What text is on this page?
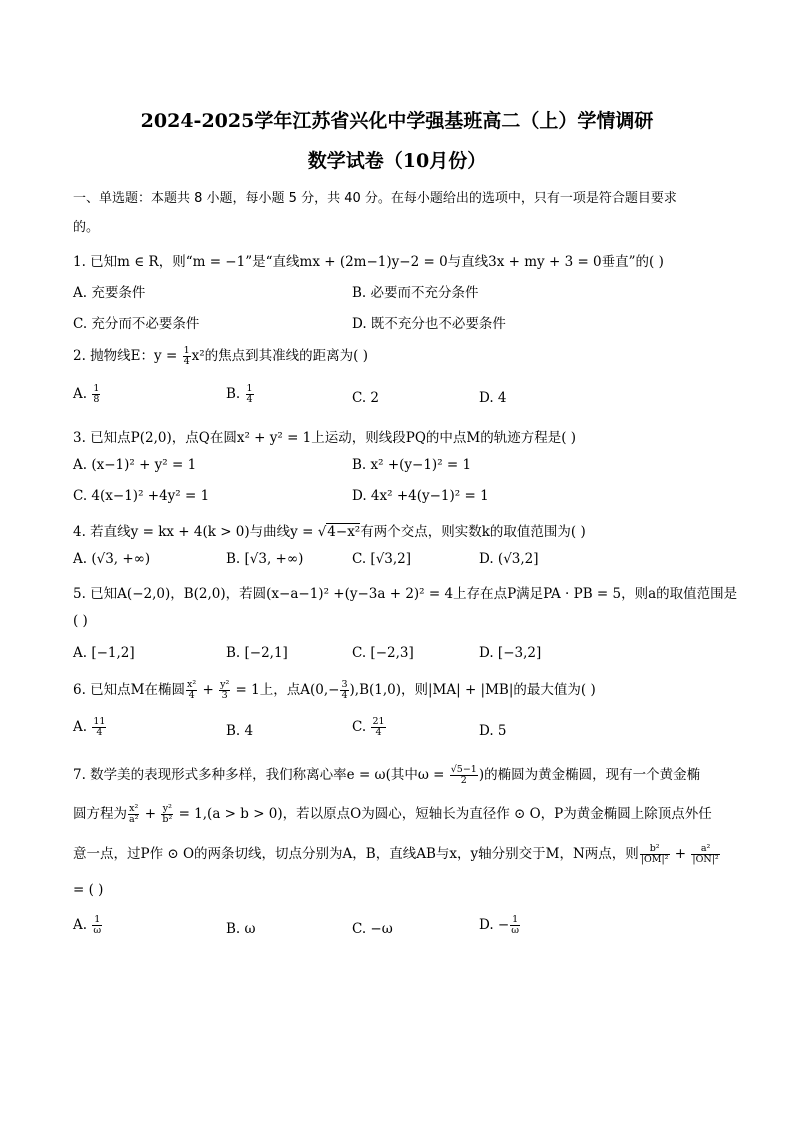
2024-2025学年江苏省兴化中学强基班高二（上）学情调研
数学试卷（10月份）
一、单选题：本题共 8 小题，每小题 5 分，共 40 分。在每小题给出的选项中，只有一项是符合题目要求
的。
1. 已知m ∈ R，则“m = −1”是“直线mx + (2m−1)y−2 = 0与直线3x + my + 3 = 0垂直”的( )
A. 充要条件	B. 必要而不充分条件
C. 充分而不必要条件	D. 既不充分也不必要条件
2. 抛物线E：$y = \frac{1}{4} x^2$的焦点到其准线的距离为( )
A. $\frac{1}{8}$	B. $\frac{1}{4}$	C. 2	D. 4
3. 已知点P(2,0)，点Q在圆x² + y² = 1上运动，则线段PQ的中点M的轨迹方程是( )
A. (x−1)² + y² = 1	B. x² +(y−1)² = 1
C. 4(x−1)² +4y² = 1	D. 4x² +4(y−1)² = 1
4. 若直线y = kx + 4(k > 0)与曲线y = √4−x²有两个交点，则实数k的取值范围为( )
A. (√3, +∞)	B. [√3, +∞)	C. [√3,2]	D. (√3,2]
5. 已知A(−2,0)，B(2,0)，若圆(x−a−1)² +(y−3a + 2)² = 4上存在点P满足PA · PB = 5，则a的取值范围是
( )
A. [−1,2]	B. [−2,1]	C. [−2,3]	D. [−3,2]
6. 已知点M在椭圆 $\frac{\text{x²}}{4} + \frac{\text{y²}}{3} = 1$上，点$A(0,- \frac{3}{4} ),B(1,0)$，则|MA| + |MB|的最大值为( )
A. $\frac{11}{4}$	B. 4	C. $\frac{21}{4}$	D. 5
7. 数学美的表现形式多种多样，我们称离心率e = ω(其中$\omega = \frac{√5-1}{2}$ )的椭圆为黄金椭圆，现有一个黄金椭
圆方程为 $\frac{\text{x²}}{\text{a²}} + \frac{\text{y²}}{\text{b²}} = 1,(a > b > 0)$，若以原点O为圆心，短轴长为直径作 ⊙ O，P为黄金椭圆上除顶点外任
意一点，过P作 ⊙ O的两条切线，切点分别为A，B，直线AB与x，y轴分别交于M，N两点，则 $\frac{\text{b²}}{\text{|OM|²}} + \frac{\text{a²}}{\text{|ON|²}}$
= ( )
A. $\frac{1}{\omega}$	B. ω	C. −ω	D. − $\frac{1}{\omega}$
